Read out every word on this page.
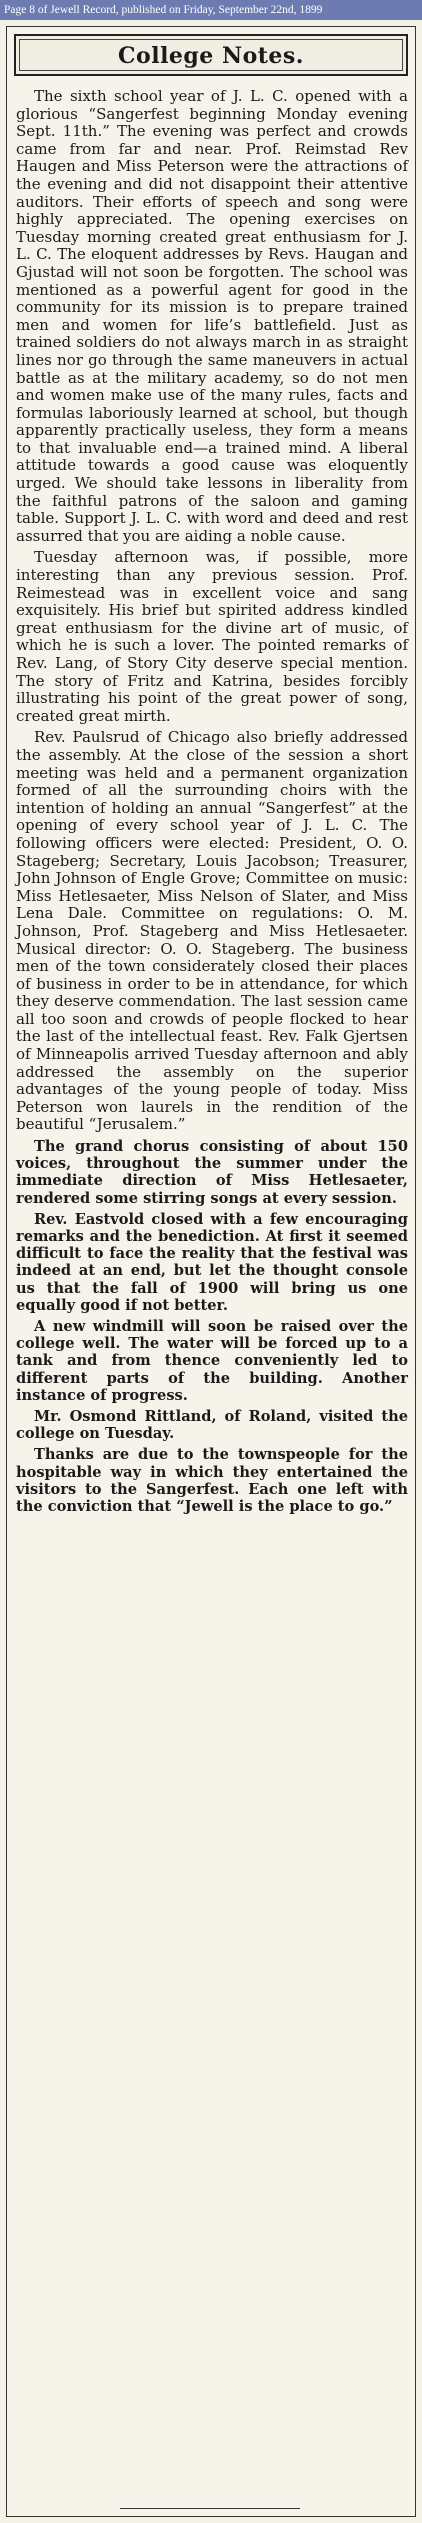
Page 8 of Jewell Record, published on Friday, September 22nd, 1899
College Notes.

The sixth school year of J. L. C. opened with a glorious “Sangerfest beginning Monday evening Sept. 11th.” The evening was perfect and crowds came from far and near. Prof. Reimstad Rev Haugen and Miss Peterson were the attractions of the evening and did not disappoint their attentive auditors. Their efforts of speech and song were highly appreciated. The opening exercises on Tuesday morning created great enthusiasm for J. L. C. The eloquent addresses by Revs. Haugan and Gjustad will not soon be forgotten. The school was mentioned as a powerful agent for good in the community for its mission is to prepare trained men and women for life’s battlefield. Just as trained soldiers do not always march in as straight lines nor go through the same maneuvers in actual battle as at the military academy, so do not men and women make use of the many rules, facts and formulas laboriously learned at school, but though apparently practically useless, they form a means to that invaluable end—a trained mind. A liberal attitude towards a good cause was eloquently urged. We should take lessons in liberality from the faithful patrons of the saloon and gaming table. Support J. L. C. with word and deed and rest assurred that you are aiding a noble cause.

Tuesday afternoon was, if possible, more interesting than any previous session. Prof. Reimestead was in excellent voice and sang exquisitely. His brief but spirited address kindled great enthusiasm for the divine art of music, of which he is such a lover. The pointed remarks of Rev. Lang, of Story City deserve special mention. The story of Fritz and Katrina, besides forcibly illustrating his point of the great power of song, created great mirth.

Rev. Paulsrud of Chicago also briefly addressed the assembly. At the close of the session a short meeting was held and a permanent organization formed of all the surrounding choirs with the intention of holding an annual “Sangerfest” at the opening of every school year of J. L. C. The following officers were elected: President, O. O. Stageberg; Secretary, Louis Jacobson; Treasurer, John Johnson of Engle Grove; Committee on music: Miss Hetlesaeter, Miss Nelson of Slater, and Miss Lena Dale. Committee on regulations: O. M. Johnson, Prof. Stageberg and Miss Hetlesaeter. Musical director: O. O. Stageberg. The business men of the town considerately closed their places of business in order to be in attendance, for which they deserve commendation. The last session came all too soon and crowds of people flocked to hear the last of the intellectual feast. Rev. Falk Gjertsen of Minneapolis arrived Tuesday afternoon and ably addressed the assembly on the superior advantages of the young people of today. Miss Peterson won laurels in the rendition of the beautiful “Jerusalem.”

The grand chorus consisting of about 150 voices, throughout the summer under the immediate direction of Miss Hetlesaeter, rendered some stirring songs at every session.

Rev. Eastvold closed with a few encouraging remarks and the benediction. At first it seemed difficult to face the reality that the festival was indeed at an end, but let the thought console us that the fall of 1900 will bring us one equally good if not better.

A new windmill will soon be raised over the college well. The water will be forced up to a tank and from thence conveniently led to different parts of the building. Another instance of progress.

Mr. Osmond Rittland, of Roland, visited the college on Tuesday.

Thanks are due to the townspeople for the hospitable way in which they entertained the visitors to the Sangerfest. Each one left with the conviction that “Jewell is the place to go.”
